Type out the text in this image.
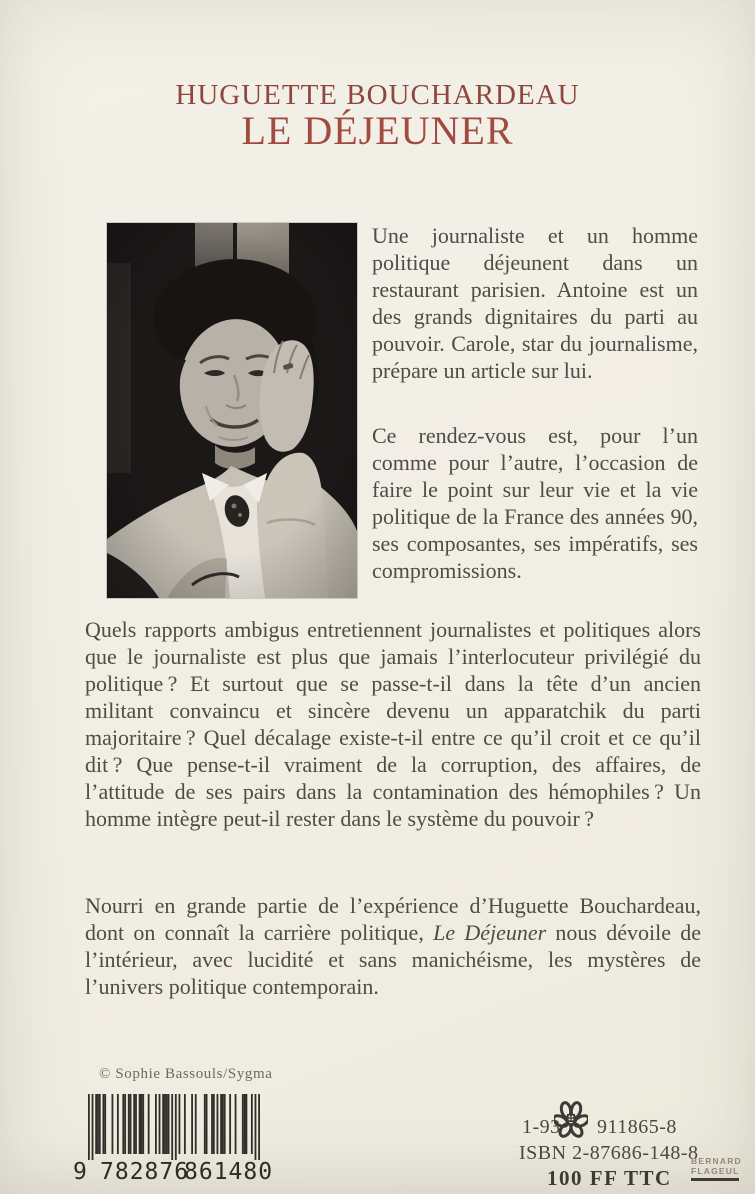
HUGUETTE BOUCHARDEAU
LE DÉJEUNER

Une journaliste et un homme politique déjeunent dans un restaurant parisien. Antoine est un des grands dignitaires du parti au pouvoir. Carole, star du journalisme, prépare un article sur lui.

Ce rendez-vous est, pour l’un comme pour l’autre, l’occasion de faire le point sur leur vie et la vie politique de la France des années 90, ses composantes, ses impératifs, ses compromissions.

Quels rapports ambigus entretiennent journalistes et politiques alors que le journaliste est plus que jamais l’interlocuteur privilégié du politique ? Et surtout que se passe-t-il dans la tête d’un ancien militant convaincu et sincère devenu un apparatchik du parti majoritaire ? Quel décalage existe-t-il entre ce qu’il croit et ce qu’il dit ? Que pense-t-il vraiment de la corruption, des affaires, de l’attitude de ses pairs dans la contamination des hémophiles ? Un homme intègre peut-il rester dans le système du pouvoir ?

Nourri en grande partie de l’expérience d’Huguette Bouchardeau, dont on connaît la carrière politique, Le Déjeuner nous dévoile de l’intérieur, avec lucidité et sans manichéisme, les mystères de l’univers politique contemporain.

© Sophie Bassouls/Sygma
9 782876
861480
1-93 911865-8
ISBN 2-87686-148-8
100 FF TTC
BERNARD
FLAGEUL
